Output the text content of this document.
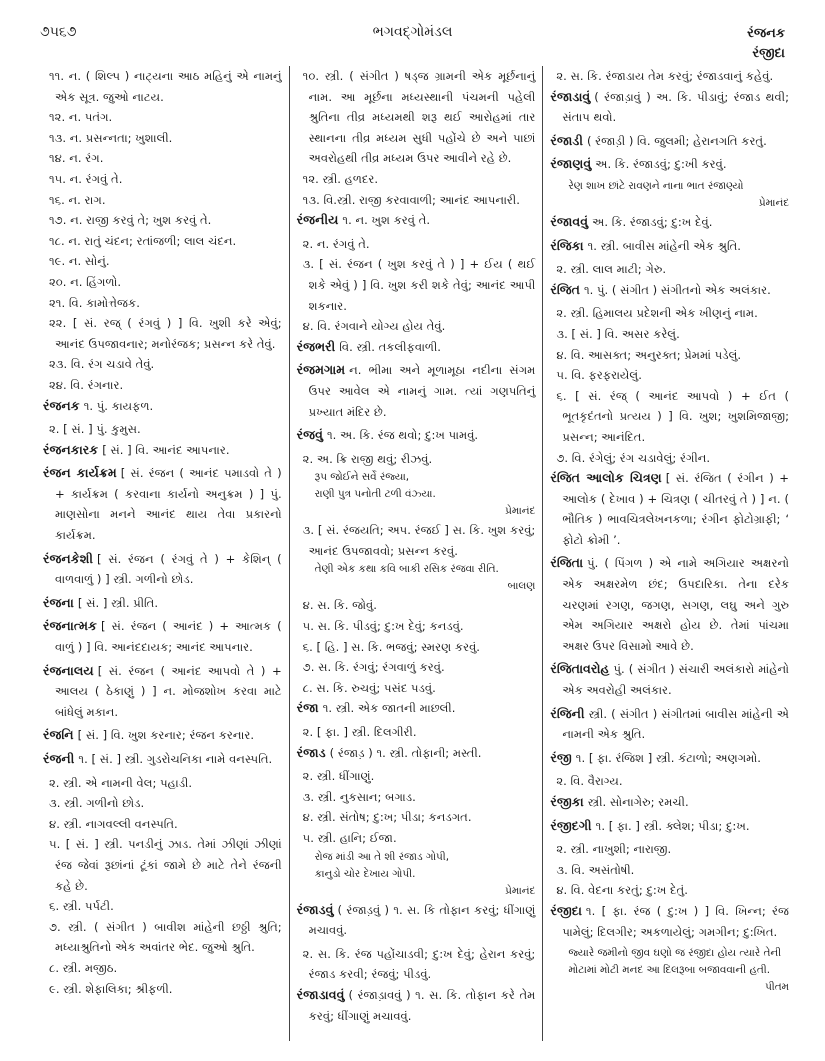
૭૫૬૭	ભગવદ્ગોમંડલ	રંજનક
રંજીદા
૧૧. ન. ( શિલ્પ ) નાટ્યના આઠ મહિનું એ નામનું એક સૂત્ર. જુઓ નાટય.
૧૨. ન. પતંગ.
૧૩. ન. પ્રસન્નતા; ખુશાલી.
૧૪. ન. રંગ.
૧૫. ન. રંગવું તે.
૧૬. ન. રાગ.
૧૭. ન. રાજી કરવું તે; ખુશ કરવું તે.
૧૮. ન. રાતું ચંદન; રતાંજળી; લાલ ચંદન.
૧૯. ન. સોનું.
૨૦. ન. હિંગળો.
૨૧. વિ. કામોત્તેજક.
૨૨. [ સં. રજ્ ( રંગવું ) ] વિ. ખુશી કરે એવું; આનંદ ઉપજાવનાર; મનોરંજક; પ્રસન્ન કરે તેવું.
૨૩. વિ. રંગ ચડાવે તેવું.
૨૪. વિ. રંગનાર.
રંજનક ૧. પું. કાયફળ.
૨. [ સં. ] પું. કુમુસ.
રંજનકારક [ સં. ] વિ. આનંદ આપનાર.
રંજન કાર્યક્રમ [ સં. રંજન ( આનંદ પમાડવો તે ) + કાર્યક્રમ ( કરવાના કાર્યનો અનુક્રમ ) ] પું. માણસોના મનને આનંદ થાય તેવા પ્રકારનો કાર્યક્રમ.
રંજનકેશી [ સં. રંજન ( રંગવું તે ) + કેશિન્ ( વાળવાળું ) ] સ્ત્રી. ગળીનો છોડ.
રંજના [ સં. ] સ્ત્રી. પ્રીતિ.
રંજનાત્મક [ સં. રંજન ( આનંદ ) + આત્મક ( વાળું ) ] વિ. આનંદદાયક; આનંદ આપનાર.
રંજનાલય [ સં. રંજન ( આનંદ આપવો તે ) + આલય ( ઠેકાણું ) ] ન. મોજશોખ કરવા માટે બાંધેલું મકાન.
રંજનિ [ સં. ] વિ. ખુશ કરનાર; રંજન કરનાર.
રંજની ૧. [ સં. ] સ્ત્રી. ગુડરોચનિકા નામે વનસ્પતિ.
૨. સ્ત્રી. એ નામની વેલ; પહાડી.
૩. સ્ત્રી. ગળીનો છોડ.
૪. સ્ત્રી. નાગવલ્લી વનસ્પતિ.
૫. [ સં. ] સ્ત્રી. પનડીનું ઝાડ. તેમાં ઝીણાં ઝીણાં રંજ જેવાં રૂછાંનાં ટૂંકાં જામે છે માટે તેને રંજની કહે છે.
૬. સ્ત્રી. પર્પટી.
૭. સ્ત્રી. ( સંગીત ) બાવીશ માંહેની છઠ્ઠી શ્રુતિ; મધ્યાશ્રુતિનો એક અવાંતર ભેદ. જુઓ શ્રુતિ.
૮. સ્ત્રી. મજીઠ.
૯. સ્ત્રી. શેફાલિકા; શ્રીફળી.
૧૦. સ્ત્રી. ( સંગીત ) ષડ્જ ગ્રામની એક મૂર્છનાનું નામ. આ મૂર્છના મધ્યસ્થાની પંચમની પહેલી શ્રુતિના તીવ્ર મધ્યમથી શરૂ થઈ આરોહમાં તાર સ્થાનના તીવ્ર મધ્યમ સુધી પહોંચે છે અને પાછાં અવરોહથી તીવ્ર મધ્યમ ઉપર આવીને રહે છે.
૧૨. સ્ત્રી. હળદર.
૧૩. વિ.સ્ત્રી. રાજી કરવાવાળી; આનંદ આપનારી.
રંજનીય ૧. ન. ખુશ કરવું તે.
૨. ન. રંગવું તે.
૩. [ સં. રંજન ( ખુશ કરવું તે ) ] + ઈય ( થઈ શકે એવું ) ] વિ. ખુશ કરી શકે તેવું; આનંદ આપી શકનાર.
૪. વિ. રંગવાને યોગ્ય હોય તેવું.
રંજભરી વિ. સ્ત્રી. તકલીફવાળી.
રંજમગામ ન. ભીમા અને મૂળામૂઠા નદીના સંગમ ઉપર આવેલ એ નામનું ગામ. ત્યાં ગણપતિનું પ્રખ્યાત મંદિર છે.
રંજવું ૧. અ. કિ. રંજ થવો; દુ:ખ પામવું.
૨. અ. ક્રિ રાજી થવું; રીઝવું.
રૂપ જોઈને સર્વે રંજ્યા,
રાણી પુત્ર પનોતી ટળી વંઝ્યા.
પ્રેમાનંદ
૩. [ સં. રંજયતિ; અપ. રંજઈ ] સ. કિ. ખુશ કરવું; આનંદ ઉપજાવવો; પ્રસન્ન કરવું.
તેણી એક કથા કવિ બાકી રસિક રંજવા રીતિ.
બાલણ
૪. સ. કિ. જોવું.
૫. સ. કિ. પીડવું; દુ:ખ દેવું; કનડવું.
૬. [ હિ. ] સ. કિ. ભજવું; સ્મરણ કરવું.
૭. સ. કિ. રંગવું; રંગવાળું કરવું.
૮. સ. કિ. રુચવું; પસંદ પડવું.
રંજા ૧. સ્ત્રી. એક જાતની માછલી.
૨. [ ફા. ] સ્ત્રી. દિલગીરી.
રંજાડ ( રંજાડ઼ ) ૧. સ્ત્રી. તોફાની; મસ્તી.
૨. સ્ત્રી. ધીંગાણું.
૩. સ્ત્રી. નુકસાન; બગાડ.
૪. સ્ત્રી. સંતોષ; દુ:ખ; પીડા; કનડગત.
૫. સ્ત્રી. હાનિ; ઈજા.
રોજ માંડી આ તે શી રંજાડ ગોપી,
કાનુડો ચોર દેખાય ગોપી.
પ્રેમાનંદ
રંજાડવું ( રંજાડ઼વું ) ૧. સ. કિ તોફાન કરવું; ધીંગાણું મચાવવું.
૨. સ. કિ. રંજ પહોંચાડવી; દુ:ખ દેવું; હેરાન કરવું; રંજાડ કરવી; રંજવું; પીડવું.
રંજાડાવવું ( રંજાડ઼ાવવું ) ૧. સ. કિ. તોફાન કરે તેમ કરવું; ધીંગાણું મચાવવું.
૨. સ. કિ. રંજાડાય તેમ કરવું; રંજાડવાનું કહેવું.
રંજાડાવું ( રંજાડ઼ાવું ) અ. કિ. પીડાવું; રંજાડ થવી; સંતાપ થવો.
રંજાડી ( રંજાડ઼ી ) વિ. જુલમી; હેરાનગતિ કરતું.
રંજાણવું અ. કિ. રંજાડવું; દુ:ખી કરવું.
રેણ શાખ છાંટે રાવણને નાના ભાત રંજાણ્યો
પ્રેમાનંદ
રંજાવવું અ. કિ. રંજાડવું; દુ:ખ દેવું.
રંજિકા ૧. સ્ત્રી. બાવીસ માંહેની એક શ્રુતિ.
૨. સ્ત્રી. લાલ માટી; ગેરુ.
રંજિત ૧. પું. ( સંગીત ) સંગીતનો એક અલંકાર.
૨. સ્ત્રી. હિમાલય પ્રદેશની એક ખીણનું નામ.
૩. [ સં. ] વિ. અસર કરેલું.
૪. વિ. આસક્ત; અનુરક્ત; પ્રેમમાં પડેલું.
૫. વિ. ફરફરાયેલું.
૬. [ સં. રંજ્ ( આનંદ આપવો ) + ઈત ( ભૂતકૃદંતનો પ્રત્યય ) ] વિ. ખુશ; ખુશમિજાજી; પ્રસન્ન; આનંદિત.
૭. વિ. રંગેલું; રંગ ચડાવેલું; રંગીન.
રંજિત આલોક ચિત્રણ [ સં. રંજિત ( રંગીન ) + આલોક ( દેખાવ ) + ચિત્રણ ( ચીતરવું તે ) ] ન. ( ભૌતિક ) ભાવચિત્રલેખનકળા; રંગીન ફોટોગ્રાફી; ‘ ફોટો ક્રોમી ’.
રંજિતા પું. ( પિંગળ ) એ નામે અગિયાર અક્ષરનો એક અક્ષરમેળ છંદ; ઉપદારિકા. તેના દરેક ચરણમાં રગણ, જગણ, સગણ, લઘુ અને ગુરુ એમ અગિયાર અક્ષરો હોય છે. તેમાં પાંચમા અક્ષર ઉપર વિસામો આવે છે.
રંજિતાવરોહ પું. ( સંગીત ) સંચારી અલંકારો માંહેનો એક અવરોહી અલંકાર.
રંજિની સ્ત્રી. ( સંગીત ) સંગીતમાં બાવીસ માંહેની એ નામની એક શ્રુતિ.
રંજી ૧. [ ફા. રંજિશ ] સ્ત્રી. કંટાળો; અણગમો.
૨. વિ. વૈરાગ્ય.
રંજીકા સ્ત્રી. સોનાગેરુ; રમચી.
રંજીદગી ૧. [ ફા. ] સ્ત્રી. ક્લેશ; પીડા; દુ:ખ.
૨. સ્ત્રી. નાખુશી; નારાજી.
૩. વિ. અસંતોષી.
૪. વિ. વેદના કરતું; દુ:ખ દેતું.
રંજીદા ૧. [ ફા. રંજ ( દુ:ખ ) ] વિ. ખિન્ન; રંજ પામેલું; દિલગીર; અકળાયેલું; ગમગીન; દુ:ખિત.
જ્યારે જમીનો જીવ ઘણો જ રંજીદા હોય ત્યારે તેની મોટામાં મોટી મનદ આ દિલરૂબા બજાવવાની હતી.
પીતમ
